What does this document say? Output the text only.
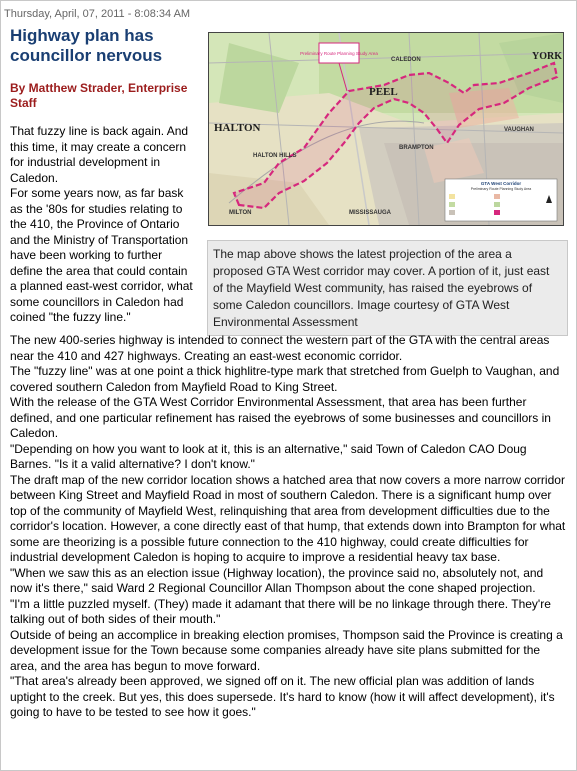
Thursday, April, 07, 2011 - 8:08:34 AM
Highway plan has councillor nervous
By Matthew Strader, Enterprise Staff

That fuzzy line is back again. And this time, it may create a concern for industrial development in Caledon.

For some years now, as far bask as the '80s for studies relating to the 410, the Province of Ontario and the Ministry of Transportation have been working to further define the area that could contain a planned east-west corridor, what some councillors in Caledon had coined "the fuzzy line."

Preliminary Route Planning Study Area
HALTON
PEEL
YORK
CALEDON
BRAMPTON
MISSISSAUGA
MILTON
HALTON HILLS
VAUGHAN
GTA West Corridor
Preliminary Route Planning Study Area
The map above shows the latest projection of the area a proposed GTA West corridor may cover. A portion of it, just east of the Mayfield West community, has raised the eyebrows of some Caledon councillors. Image courtesy of GTA West Environmental Assessment

The new 400-series highway is intended to connect the western part of the GTA with the central areas near the 410 and 427 highways. Creating an east-west economic corridor.

The "fuzzy line" was at one point a thick highlitre-type mark that stretched from Guelph to Vaughan, and covered southern Caledon from Mayfield Road to King Street.

With the release of the GTA West Corridor Environmental Assessment, that area has been further defined, and one particular refinement has raised the eyebrows of some businesses and councillors in Caledon.

"Depending on how you want to look at it, this is an alternative," said Town of Caledon CAO Doug Barnes. "Is it a valid alternative? I don't know."

The draft map of the new corridor location shows a hatched area that now covers a more narrow corridor between King Street and Mayfield Road in most of southern Caledon. There is a significant hump over top of the community of Mayfield West, relinquishing that area from development difficulties due to the corridor's location. However, a cone directly east of that hump, that extends down into Brampton for what some are theorizing is a possible future connection to the 410 highway, could create difficulties for industrial development Caledon is hoping to acquire to improve a residential heavy tax base.

"When we saw this as an election issue (Highway location), the province said no, absolutely not, and now it's there," said Ward 2 Regional Councillor Allan Thompson about the cone shaped projection.

"I'm a little puzzled myself. (They) made it adamant that there will be no linkage through there. They're talking out of both sides of their mouth."

Outside of being an accomplice in breaking election promises, Thompson said the Province is creating a development issue for the Town because some companies already have site plans submitted for the area, and the area has begun to move forward.

"That area's already been approved, we signed off on it. The new official plan was addition of lands uptight to the creek. But yes, this does supersede. It's hard to know (how it will affect development), it's going to have to be tested to see how it goes."
